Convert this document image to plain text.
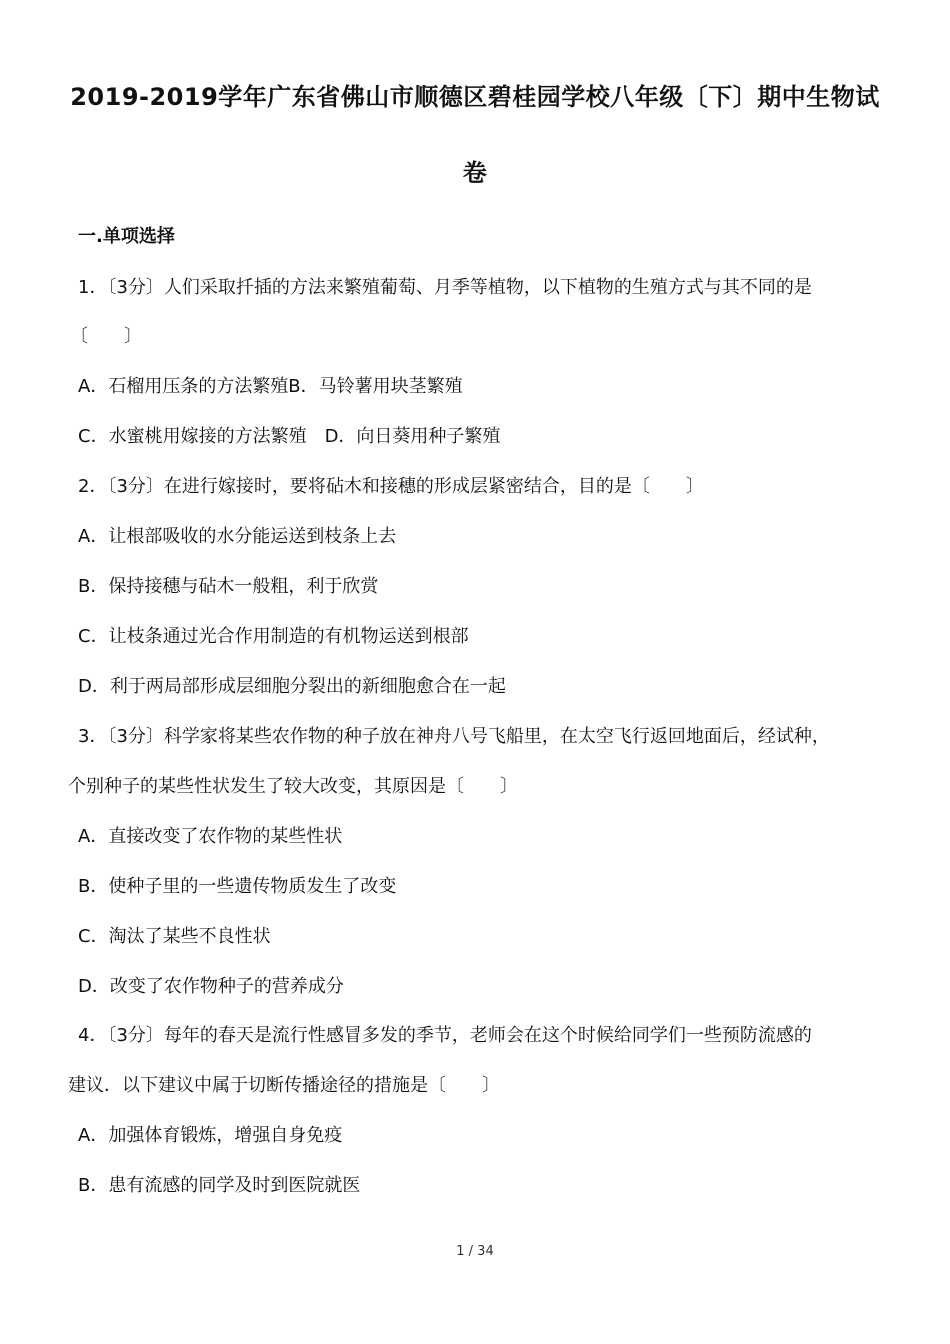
2019-2019学年广东省佛山市顺德区碧桂园学校八年级〔下〕期中生物试
卷
一.单项选择
1．〔3分〕人们采取扦插的方法来繁殖葡萄、月季等植物，以下植物的生殖方式与其不同的是
〔　　〕
A．石榴用压条的方法繁殖B．马铃薯用块茎繁殖
C．水蜜桃用嫁接的方法繁殖　D．向日葵用种子繁殖
2．〔3分〕在进行嫁接时，要将砧木和接穗的形成层紧密结合，目的是〔　　〕
A．让根部吸收的水分能运送到枝条上去
B．保持接穗与砧木一般粗，利于欣赏
C．让枝条通过光合作用制造的有机物运送到根部
D．利于两局部形成层细胞分裂出的新细胞愈合在一起
3．〔3分〕科学家将某些农作物的种子放在神舟八号飞船里，在太空飞行返回地面后，经试种，
个别种子的某些性状发生了较大改变，其原因是〔　　〕
A．直接改变了农作物的某些性状
B．使种子里的一些遗传物质发生了改变
C．淘汰了某些不良性状
D．改变了农作物种子的营养成分
4．〔3分〕每年的春天是流行性感冒多发的季节，老师会在这个时候给同学们一些预防流感的
建议．以下建议中属于切断传播途径的措施是〔　　〕
A．加强体育锻炼，增强自身免疫
B．患有流感的同学及时到医院就医
1 / 34
